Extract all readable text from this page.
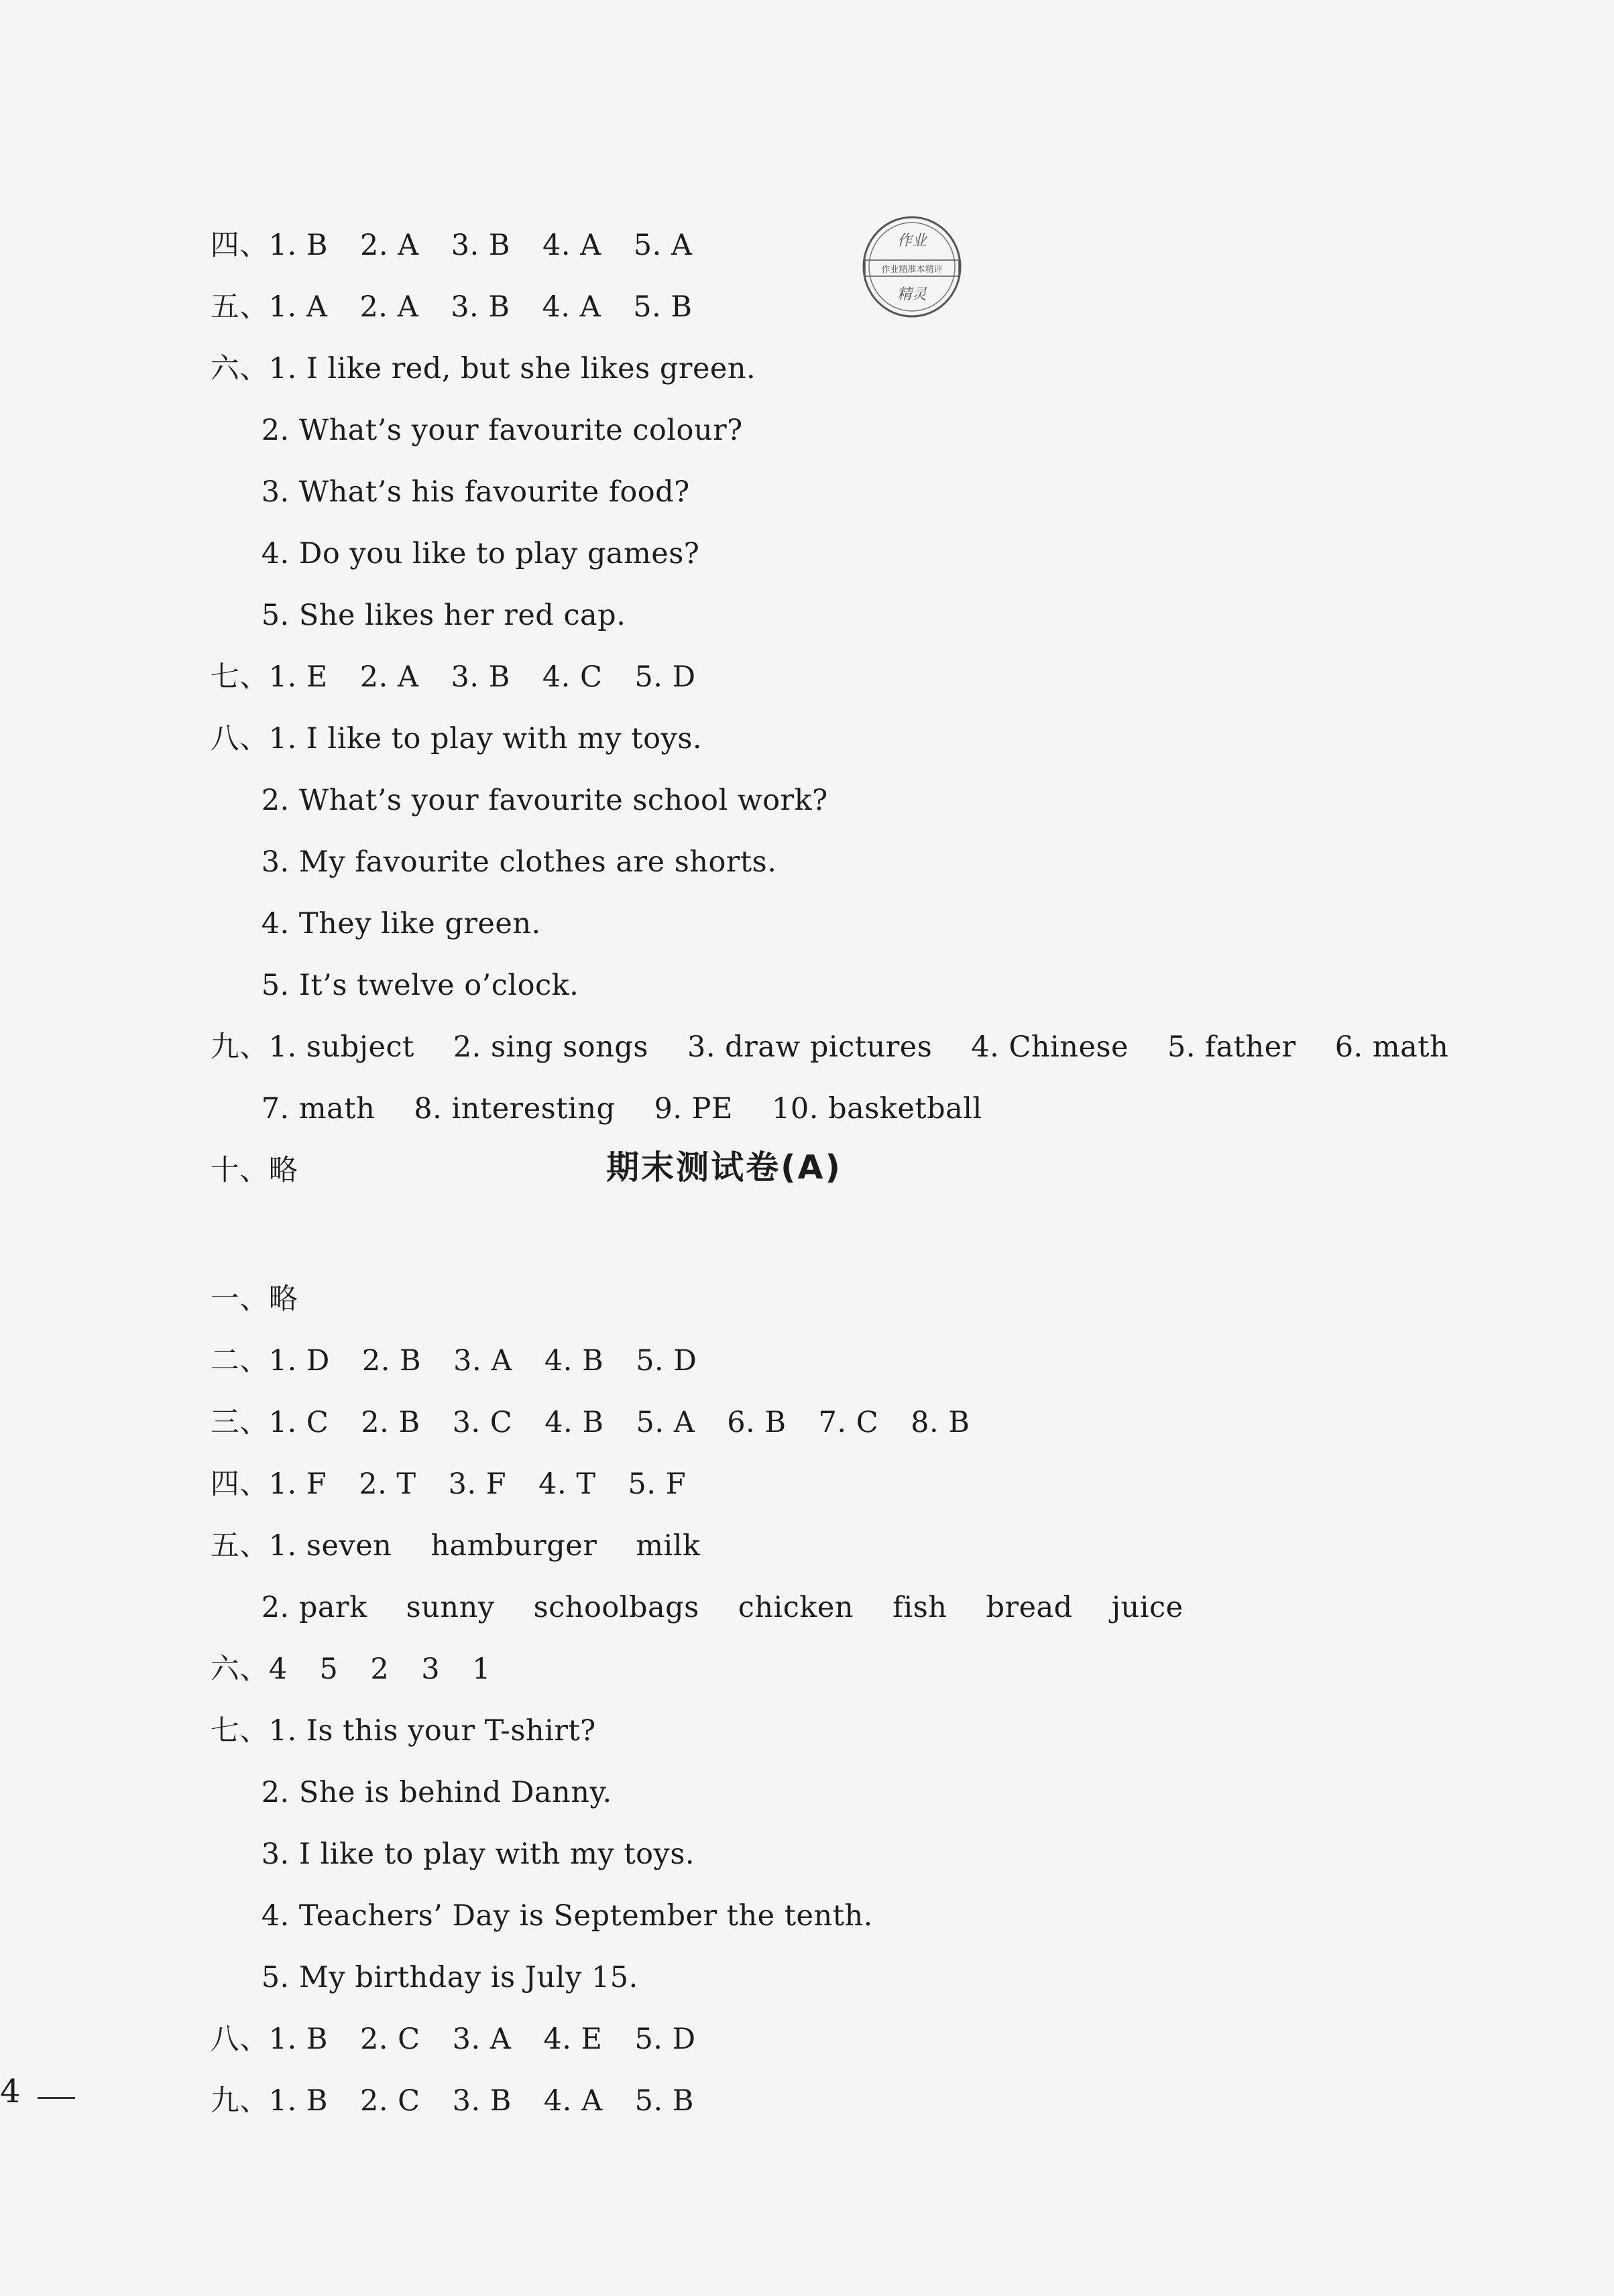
四、1. B 2. A 3. B 4. A 5. A

五、1. A 2. A 3. B 4. A 5. B

作业
作业精准本精评
精灵

六、1. I like red, but she likes green.

2. What’s your favourite colour?

3. What’s his favourite food?

4. Do you like to play games?

5. She likes her red cap.

七、1. E 2. A 3. B 4. C 5. D

八、1. I like to play with my toys.

2. What’s your favourite school work?

3. My favourite clothes are shorts.

4. They like green.

5. It’s twelve o’clock.

九、1. subject 2. sing songs 3. draw pictures 4. Chinese 5. father 6. math

7. math 8. interesting 9. PE 10. basketball

十、略
	期末测试卷(A)

一、略

二、1. D 2. B 3. A 4. B 5. D

三、1. C 2. B 3. C 4. B 5. A 6. B 7. C 8. B

四、1. F 2. T 3. F 4. T 5. F

五、1. seven hamburger milk

2. park sunny schoolbags chicken fish bread juice

六、4 5 2 3 1

七、1. Is this your T-shirt?

2. She is behind Danny.

3. I like to play with my toys.

4. Teachers’ Day is September the tenth.

5. My birthday is July 15.

八、1. B 2. C 3. A 4. E 5. D

九、1. B 2. C 3. B 4. A 5. B

4
